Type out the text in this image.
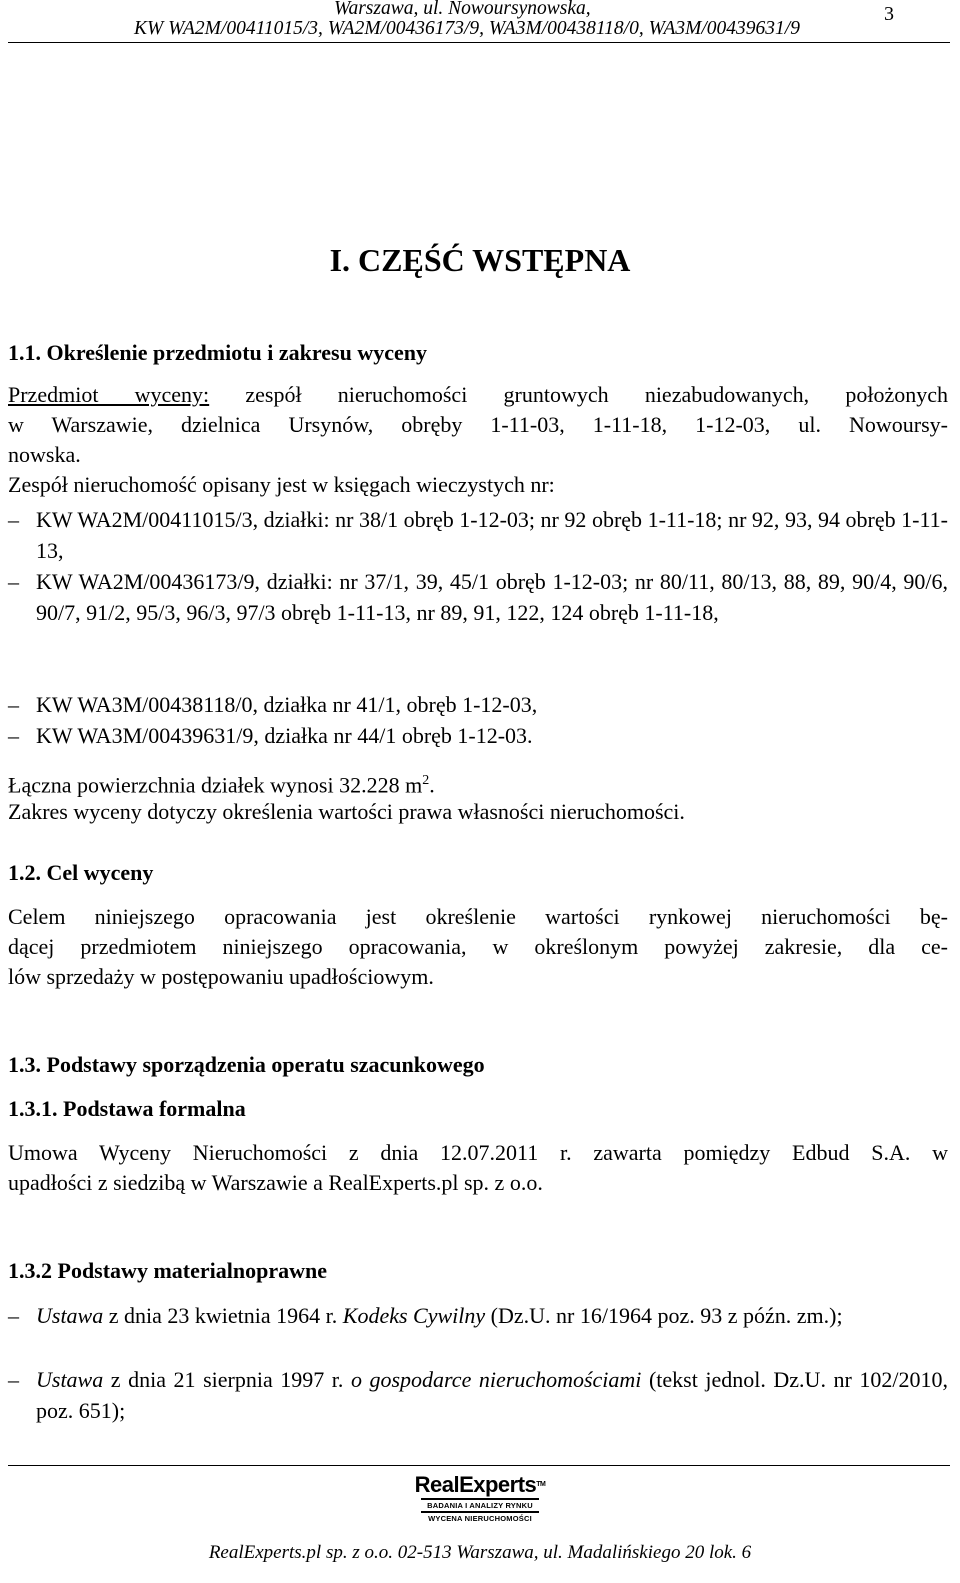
Warszawa, ul. Nowoursynowska,
KW WA2M/00411015/3, WA2M/00436173/9, WA3M/00438118/0, WA3M/00439631/9
3
I. CZĘŚĆ WSTĘPNA
1.1. Określenie przedmiotu i zakresu wyceny
Przedmiot wyceny: zespół nieruchomości gruntowych niezabudowanych, położonych
w Warszawie, dzielnica Ursynów, obręby 1-11-03, 1-11-18, 1-12-03, ul. Nowoursy-
nowska.
Zespół nieruchomość opisany jest w księgach wieczystych nr:
– KW WA2M/00411015/3, działki: nr 38/1 obręb 1-12-03; nr 92 obręb 1-11-18; nr 92, 93, 94 obręb 1-11-13,
– KW WA2M/00436173/9, działki: nr 37/1, 39, 45/1 obręb 1-12-03; nr 80/11, 80/13, 88, 89, 90/4, 90/6, 90/7, 91/2, 95/3, 96/3, 97/3 obręb 1-11-13, nr 89, 91, 122, 124 obręb 1-11-18,
– KW WA3M/00438118/0, działka nr 41/1, obręb 1-12-03,
– KW WA3M/00439631/9, działka nr 44/1 obręb 1-12-03.
Łączna powierzchnia działek wynosi 32.228 $m^2$.
Zakres wyceny dotyczy określenia wartości prawa własności nieruchomości.
1.2. Cel wyceny
Celem niniejszego opracowania jest określenie wartości rynkowej nieruchomości bę-
dącej przedmiotem niniejszego opracowania, w określonym powyżej zakresie, dla ce-
lów sprzedaży w postępowaniu upadłościowym.
1.3. Podstawy sporządzenia operatu szacunkowego
1.3.1. Podstawa formalna
Umowa Wyceny Nieruchomości z dnia 12.07.2011 r. zawarta pomiędzy Edbud S.A. w
upadłości z siedzibą w Warszawie a RealExperts.pl sp. z o.o.
1.3.2 Podstawy materialnoprawne
– Ustawa z dnia 23 kwietnia 1964 r. Kodeks Cywilny (Dz.U. nr 16/1964 poz. 93 z późn. zm.);
– Ustawa z dnia 21 sierpnia 1997 r. o gospodarce nieruchomościami (tekst jednol. Dz.U. nr 102/2010, poz. 651);
RealExperts™
BADANIA I ANALIZY RYNKU
WYCENA NIERUCHOMOŚCI
RealExperts.pl sp. z o.o. 02-513 Warszawa, ul. Madalińskiego 20 lok. 6
